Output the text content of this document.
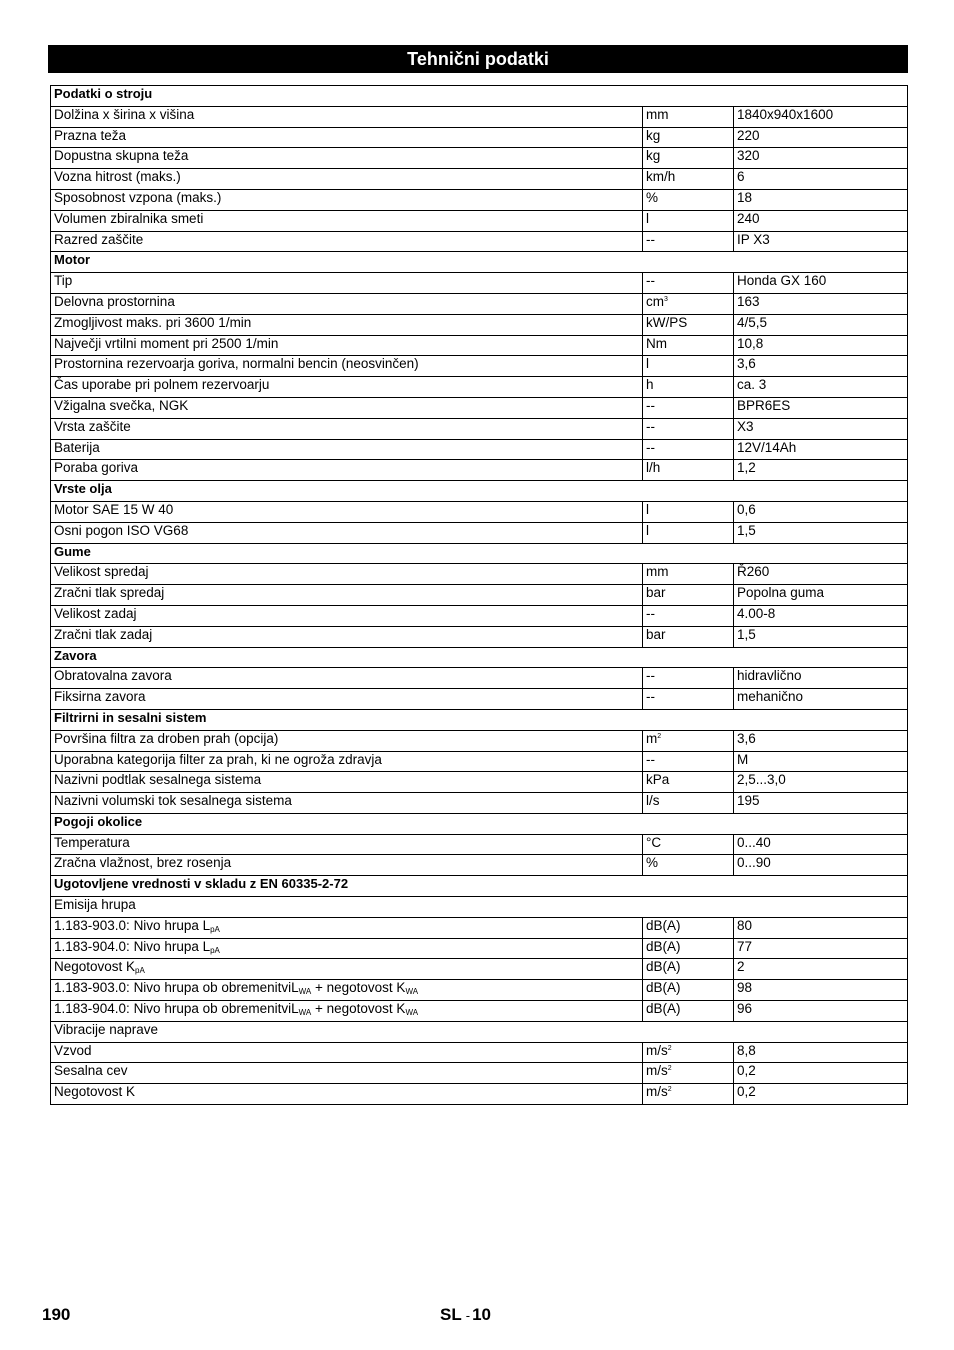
Tehnični podatki
Podatki o stroju		
Dolžina x širina x višina	mm	1840x940x1600
Prazna teža	kg	220
Dopustna skupna teža	kg	320
Vozna hitrost (maks.)	km/h	6
Sposobnost vzpona (maks.)	%	18
Volumen zbiralnika smeti	l	240
Razred zaščite	--	IP X3
Motor		
Tip	--	Honda GX 160
Delovna prostornina	$cm^3$	163
Zmogljivost maks. pri 3600 1/min	kW/PS	4/5,5
Največji vrtilni moment pri 2500 1/min	Nm	10,8
Prostornina rezervoarja goriva, normalni bencin (neosvinčen)	l	3,6
Čas uporabe pri polnem rezervoarju	h	ca. 3
Vžigalna svečka, NGK	--	BPR6ES
Vrsta zaščite	--	X3
Baterija	--	12V/14Ah
Poraba goriva	l/h	1,2
Vrste olja		
Motor SAE 15 W 40	l	0,6
Osni pogon ISO VG68	l	1,5
Gume		
Velikost spredaj	mm	Ř260
Zračni tlak spredaj	bar	Popolna guma
Velikost zadaj	--	4.00-8
Zračni tlak zadaj	bar	1,5
Zavora		
Obratovalna zavora	--	hidravlično
Fiksirna zavora	--	mehanično
Filtrirni in sesalni sistem		
Površina filtra za droben prah (opcija)	$m^2$	3,6
Uporabna kategorija filter za prah, ki ne ogroža zdravja	--	M
Nazivni podtlak sesalnega sistema	kPa	2,5...3,0
Nazivni volumski tok sesalnega sistema	l/s	195
Pogoji okolice		
Temperatura	°C	0...40
Zračna vlažnost, brez rosenja	%	0...90
Ugotovljene vrednosti v skladu z EN 60335-2-72		
Emisija hrupa		
1.183-903.0: Nivo hrupa $L_{pA}$	dB(A)	80
1.183-904.0: Nivo hrupa $L_{pA}$	dB(A)	77
Negotovost $K_{pA}$	dB(A)	2
1.183-903.0: Nivo hrupa ob obremenitviL$_{WA}$ + negotovost $K_{WA}$	dB(A)	98
1.183-904.0: Nivo hrupa ob obremenitviL$_{WA}$ + negotovost $K_{WA}$	dB(A)	96
Vibracije naprave		
Vzvod	$m/s^2$	8,8
Sesalna cev	$m/s^2$	0,2
Negotovost K	$m/s^2$	0,2
190	SL - 10
